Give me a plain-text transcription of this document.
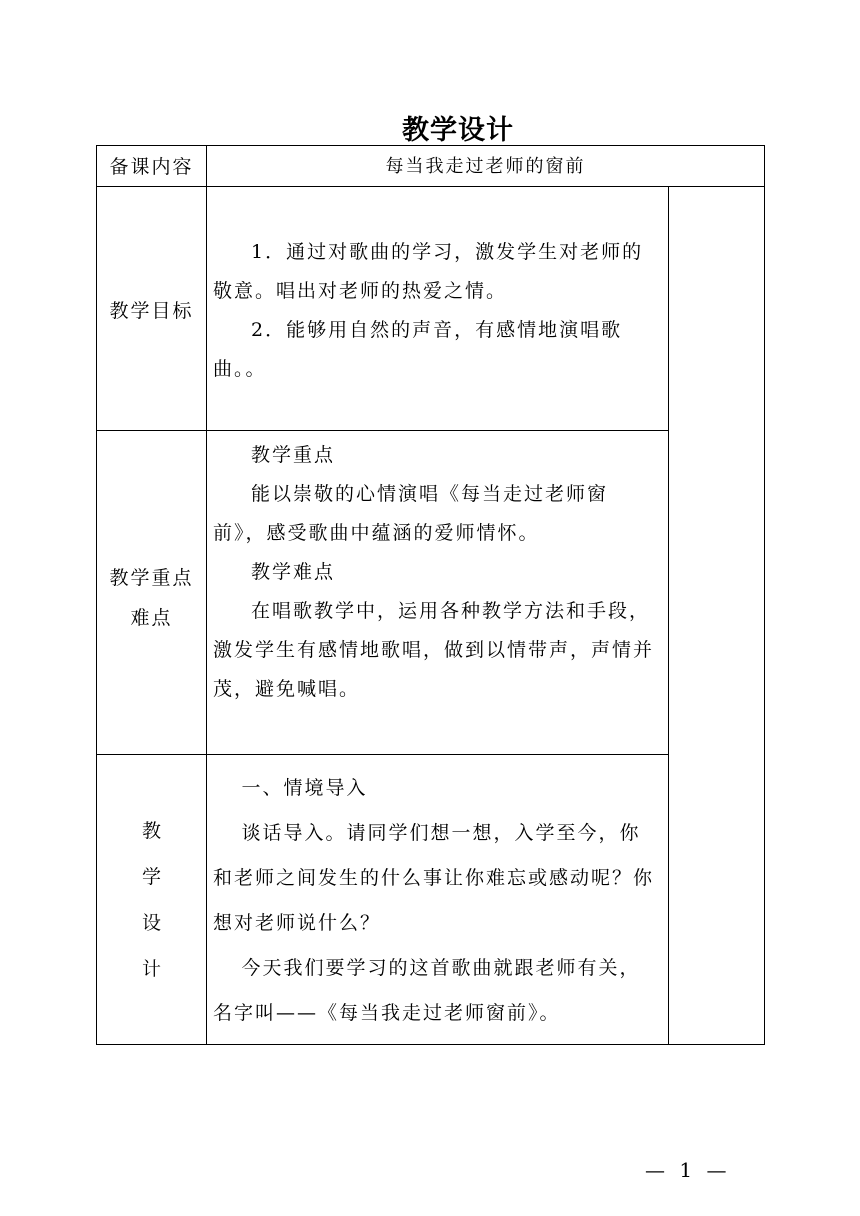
教学设计
备课内容	每当我走过老师的窗前
教学目标

1．通过对歌曲的学习，激发学生对老师的敬意。唱出对老师的热爱之情。

2．能够用自然的声音，有感情地演唱歌曲。。

教学重点
难点

教学重点

能以崇敬的心情演唱《每当走过老师窗前》，感受歌曲中蕴涵的爱师情怀。

教学难点

在唱歌教学中，运用各种教学方法和手段，激发学生有感情地歌唱，做到以情带声，声情并茂，避免喊唱。

教
学
设
计

一、情境导入

谈话导入。请同学们想一想，入学至今，你和老师之间发生的什么事让你难忘或感动呢？你想对老师说什么？

今天我们要学习的这首歌曲就跟老师有关，名字叫——《每当我走过老师窗前》。

— 1 —
